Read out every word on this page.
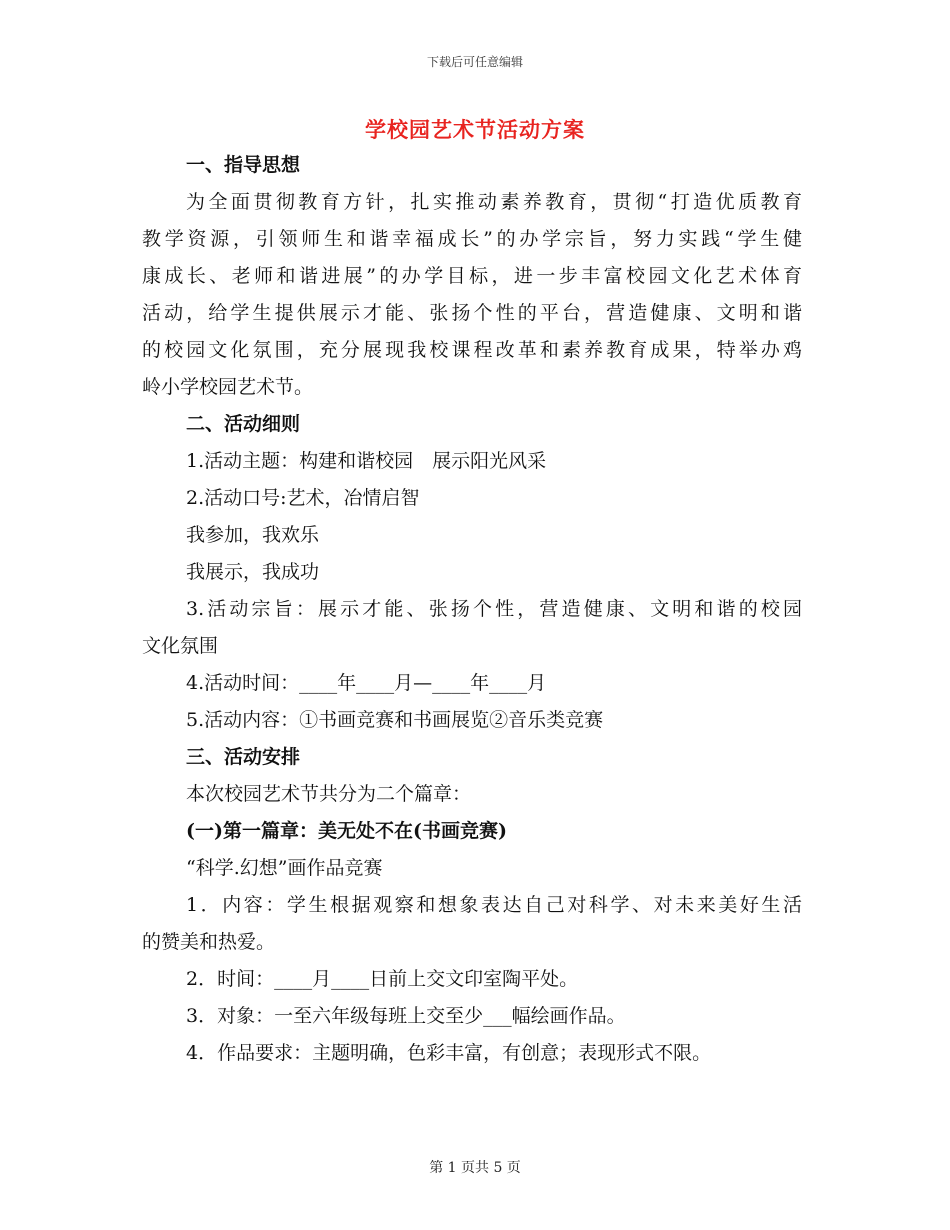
下载后可任意编辑
学校园艺术节活动方案

一、指导思想

为全面贯彻教育方针，扎实推动素养教育，贯彻“打造优质教育

教学资源，引领师生和谐幸福成长”的办学宗旨，努力实践“学生健

康成长、老师和谐进展”的办学目标，进一步丰富校园文化艺术体育

活动，给学生提供展示才能、张扬个性的平台，营造健康、文明和谐

的校园文化氛围，充分展现我校课程改革和素养教育成果，特举办鸡

岭小学校园艺术节。

二、活动细则

1.活动主题：构建和谐校园　展示阳光风采

2.活动口号:艺术，冶情启智

我参加，我欢乐

我展示，我成功

3.活动宗旨：展示才能、张扬个性，营造健康、文明和谐的校园

文化氛围

4.活动时间：____年____月—____年____月

5.活动内容：①书画竞赛和书画展览②音乐类竞赛

三、活动安排

本次校园艺术节共分为二个篇章：

(一)第一篇章：美无处不在(书画竞赛)

“科学.幻想”画作品竞赛

1．内容：学生根据观察和想象表达自己对科学、对未来美好生活

的赞美和热爱。

2．时间：____月____日前上交文印室陶平处。

3．对象：一至六年级每班上交至少___幅绘画作品。

4．作品要求：主题明确，色彩丰富，有创意；表现形式不限。

第 1 页共 5 页
